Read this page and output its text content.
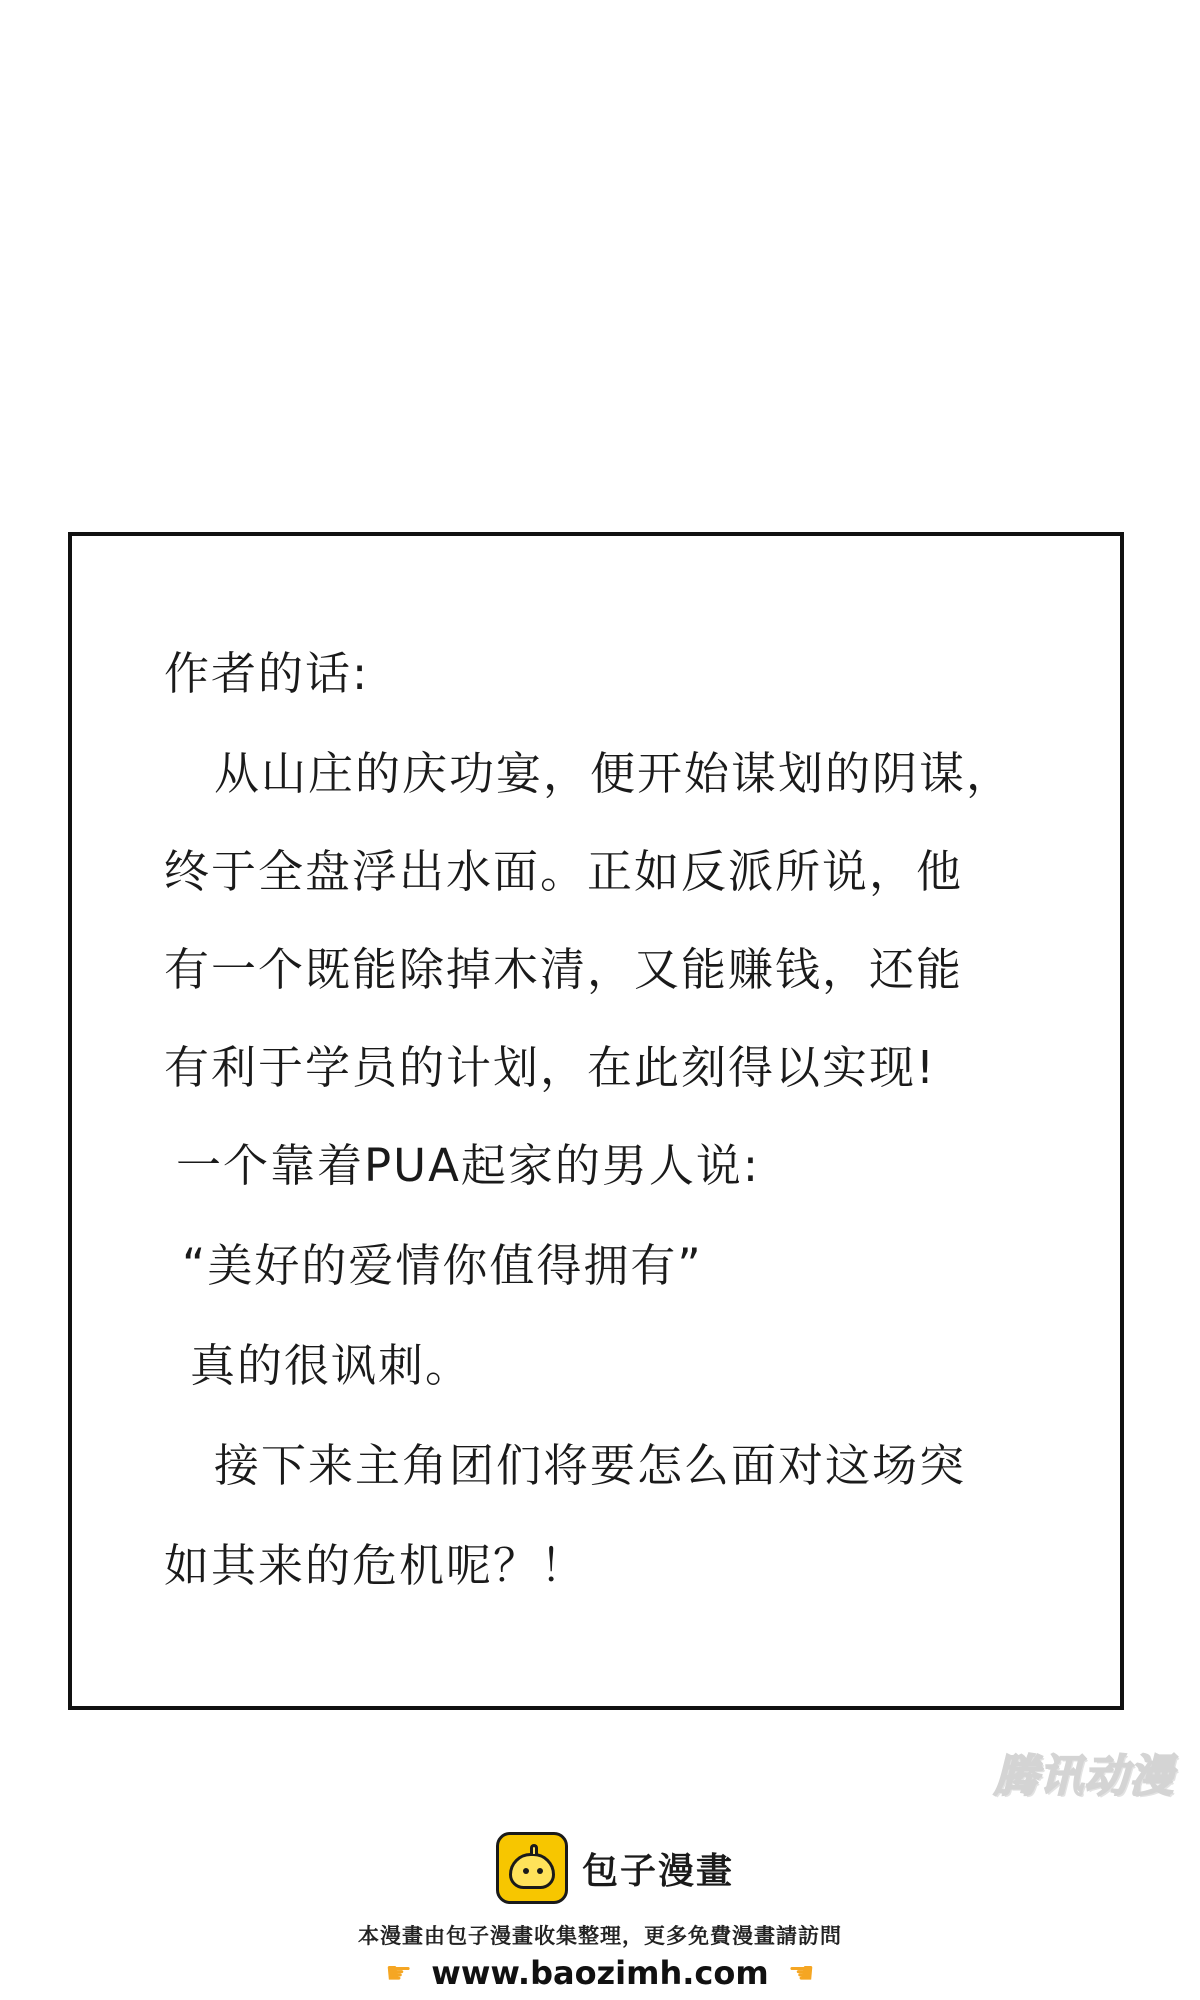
作者的话:
从山庄的庆功宴，便开始谋划的阴谋，
终于全盘浮出水面。正如反派所说，他
有一个既能除掉木清，又能赚钱，还能
有利于学员的计划，在此刻得以实现!
一个靠着PUA起家的男人说:
“美好的爱情你值得拥有”
真的很讽刺。
接下来主角团们将要怎么面对这场突
如其来的危机呢？！
腾讯动漫
包子漫畫
本漫畫由包子漫畫收集整理，更多免費漫畫請訪問
☛ www.baozimh.com ☚
